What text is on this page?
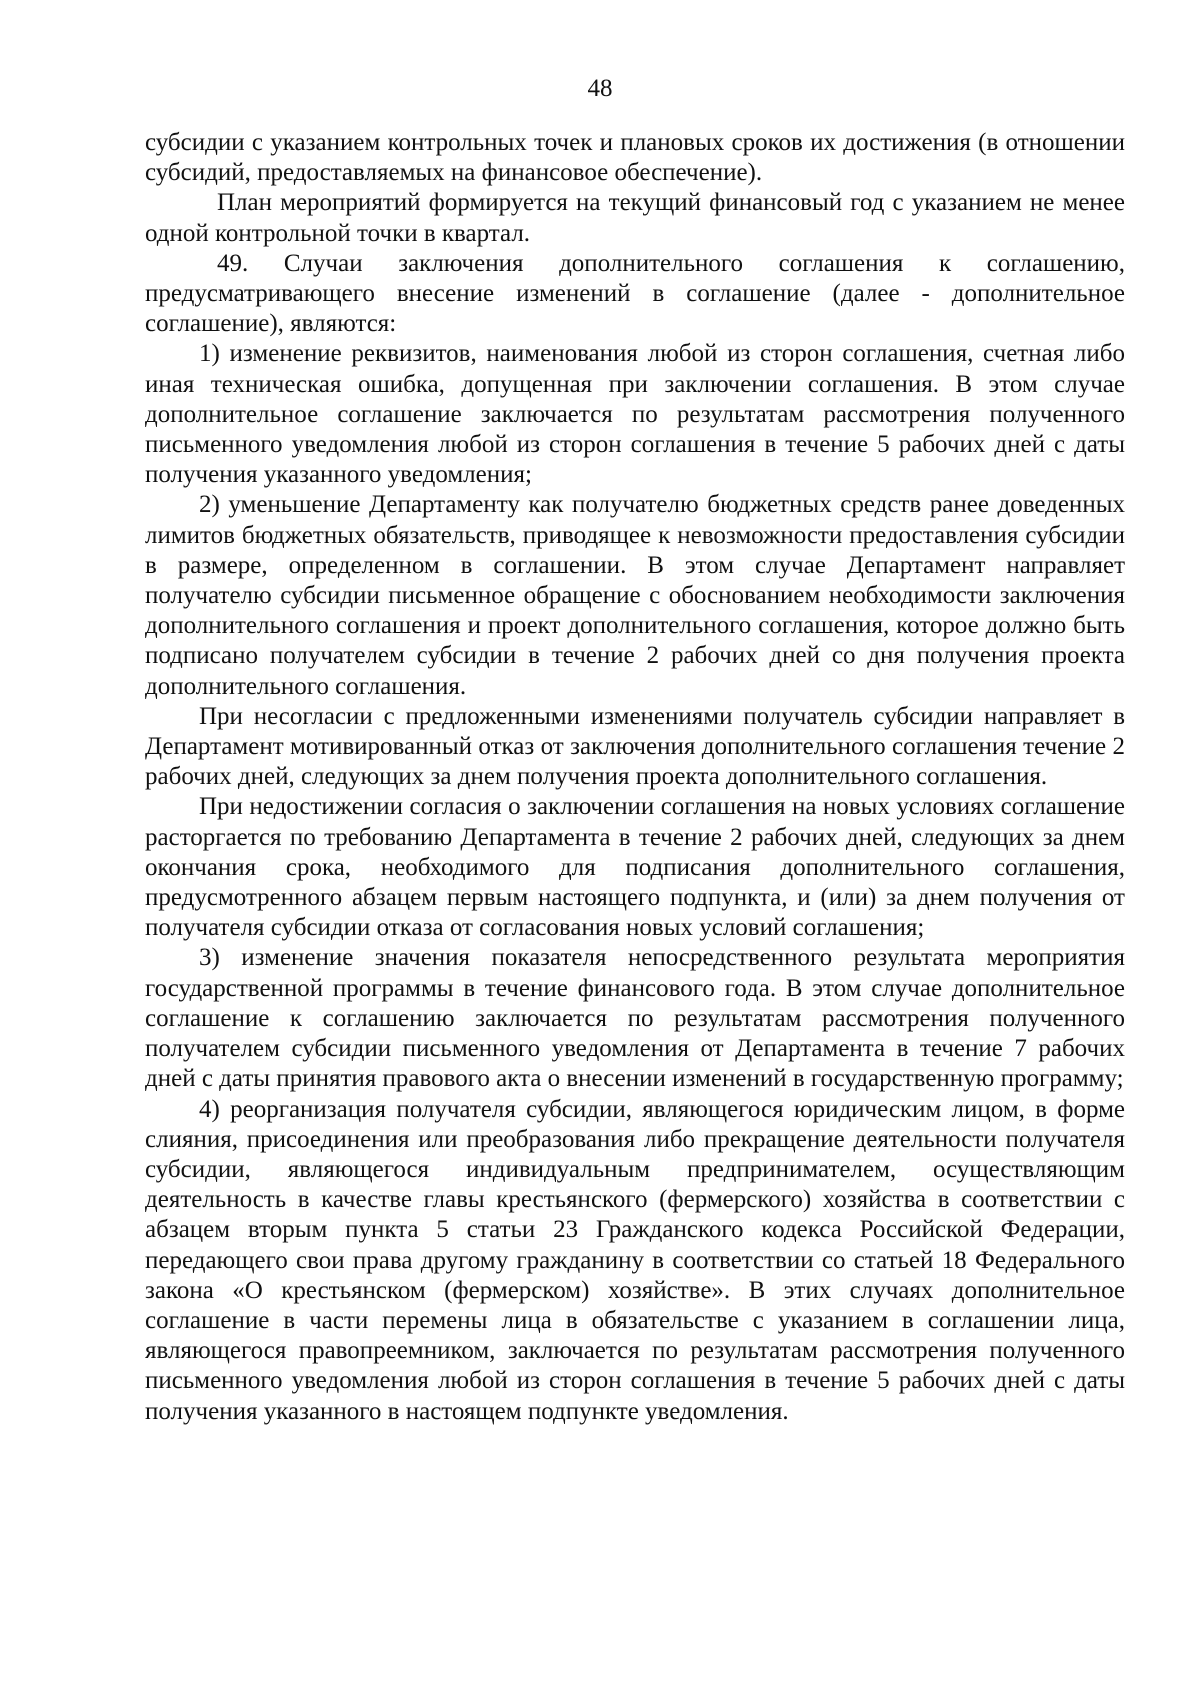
48

субсидии с указанием контрольных точек и плановых сроков их достижения (в отношении субсидий, предоставляемых на финансовое обеспечение).

План мероприятий формируется на текущий финансовый год с указанием не менее одной контрольной точки в квартал.

49. Случаи заключения дополнительного соглашения к соглашению, предусматривающего внесение изменений в соглашение (далее - дополнительное соглашение), являются:

1) изменение реквизитов, наименования любой из сторон соглашения, счетная либо иная техническая ошибка, допущенная при заключении соглашения. В этом случае дополнительное соглашение заключается по результатам рассмотрения полученного письменного уведомления любой из сторон соглашения в течение 5 рабочих дней с даты получения указанного уведомления;

2) уменьшение Департаменту как получателю бюджетных средств ранее доведенных лимитов бюджетных обязательств, приводящее к невозможности предоставления субсидии в размере, определенном в соглашении. В этом случае Департамент направляет получателю субсидии письменное обращение с обоснованием необходимости заключения дополнительного соглашения и проект дополнительного соглашения, которое должно быть подписано получателем субсидии в течение 2 рабочих дней со дня получения проекта дополнительного соглашения.

При несогласии с предложенными изменениями получатель субсидии направляет в Департамент мотивированный отказ от заключения дополнительного соглашения течение 2 рабочих дней, следующих за днем получения проекта дополнительного соглашения.

При недостижении согласия о заключении соглашения на новых условиях соглашение расторгается по требованию Департамента в течение 2 рабочих дней, следующих за днем окончания срока, необходимого для подписания дополнительного соглашения, предусмотренного абзацем первым настоящего подпункта, и (или) за днем получения от получателя субсидии отказа от согласования новых условий соглашения;

3) изменение значения показателя непосредственного результата мероприятия государственной программы в течение финансового года. В этом случае дополнительное соглашение к соглашению заключается по результатам рассмотрения полученного получателем субсидии письменного уведомления от Департамента в течение 7 рабочих дней с даты принятия правового акта о внесении изменений в государственную программу;

4) реорганизация получателя субсидии, являющегося юридическим лицом, в форме слияния, присоединения или преобразования либо прекращение деятельности получателя субсидии, являющегося индивидуальным предпринимателем, осуществляющим деятельность в качестве главы крестьянского (фермерского) хозяйства в соответствии с абзацем вторым пункта 5 статьи 23 Гражданского кодекса Российской Федерации, передающего свои права другому гражданину в соответствии со статьей 18 Федерального закона «О крестьянском (фермерском) хозяйстве». В этих случаях дополнительное соглашение в части перемены лица в обязательстве с указанием в соглашении лица, являющегося правопреемником, заключается по результатам рассмотрения полученного письменного уведомления любой из сторон соглашения в течение 5 рабочих дней с даты получения указанного в настоящем подпункте уведомления.
